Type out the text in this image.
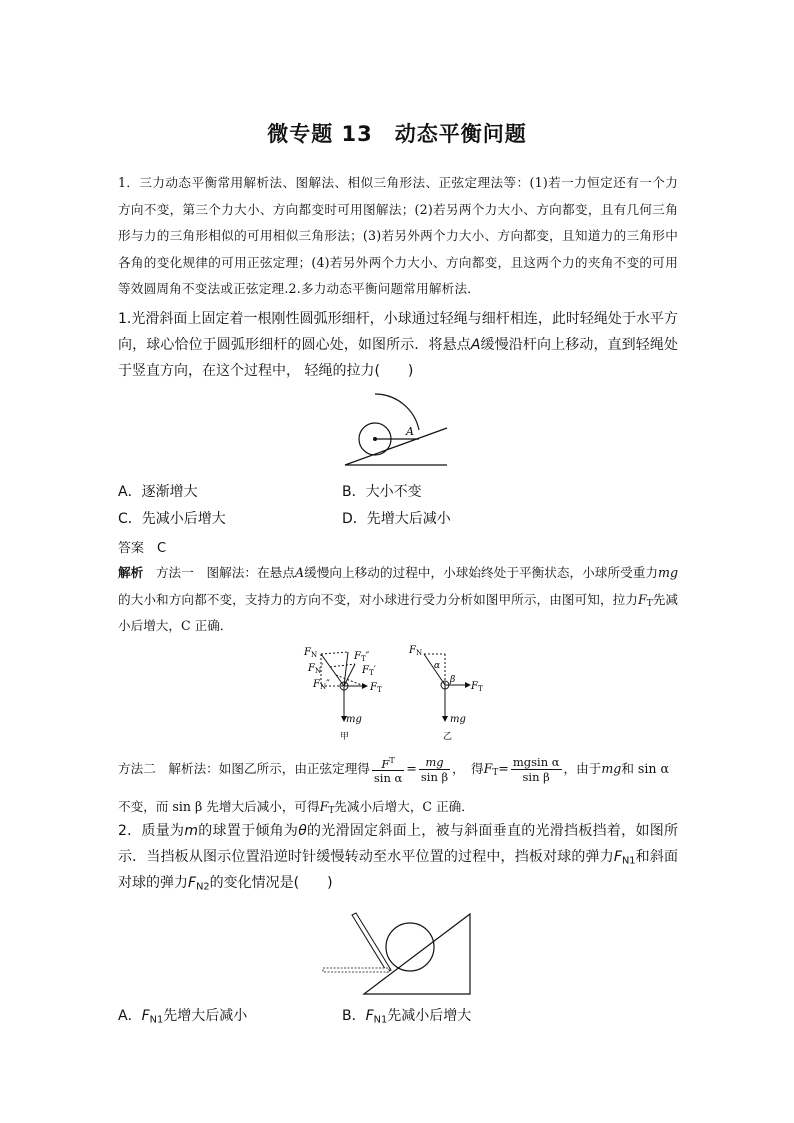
微专题 13　动态平衡问题
1．三力动态平衡常用解析法、图解法、相似三角形法、正弦定理法等：(1)若一力恒定还有一个力方向不变，第三个力大小、方向都变时可用图解法；(2)若另两个力大小、方向都变，且有几何三角形与力的三角形相似的可用相似三角形法；(3)若另外两个力大小、方向都变，且知道力的三角形中各角的变化规律的可用正弦定理；(4)若另外两个力大小、方向都变，且这两个力的夹角不变的可用等效圆周角不变法或正弦定理.2.多力动态平衡问题常用解析法．
1.光滑斜面上固定着一根刚性圆弧形细杆，小球通过轻绳与细杆相连，此时轻绳处于水平方向，球心恰位于圆弧形细杆的圆心处，如图所示．将悬点A缓慢沿杆向上移动，直到轻绳处于竖直方向，在这个过程中， 轻绳的拉力(　　)
A
A．逐渐增大	B．大小不变
C．先减小后增大	D．先增大后减小
答案　C
解析　 方法一　图解法：在悬点A缓慢向上移动的过程中，小球始终处于平衡状态，小球所受重力mg的大小和方向都不变，支持力的方向不变，对小球进行受力分析如图甲所示，由图可知，拉力$F_T$先减小后增大，C 正确．
$F_N$
$F_N'$
$F_N''$
$F_T''$
$F_T'$
$F_T$
mg
甲
$F_N$
α
β
$F_T$
mg
乙
方法二　解析法：如图乙所示，由正弦定理得 $\frac{F^T}{\text{sin α}} = \frac{mg}{\text{sin β}}$ ，　得$F_T= \frac{\text{mgsin α}}{\text{sin β}}$ ，由于mg和 sin α
不变，而 sin β 先增大后减小，可得$F_T$先减小后增大，C 正确．
2．质量为m的球置于倾角为θ的光滑固定斜面上，被与斜面垂直的光滑挡板挡着，如图所示．当挡板从图示位置沿逆时针缓慢转动至水平位置的过程中，挡板对球的弹力$F_{N1}$和斜面对球的弹力$F_{N2}$的变化情况是(　　)
A．$F_{N1}$先增大后减小	B．$F_{N1}$先减小后增大
